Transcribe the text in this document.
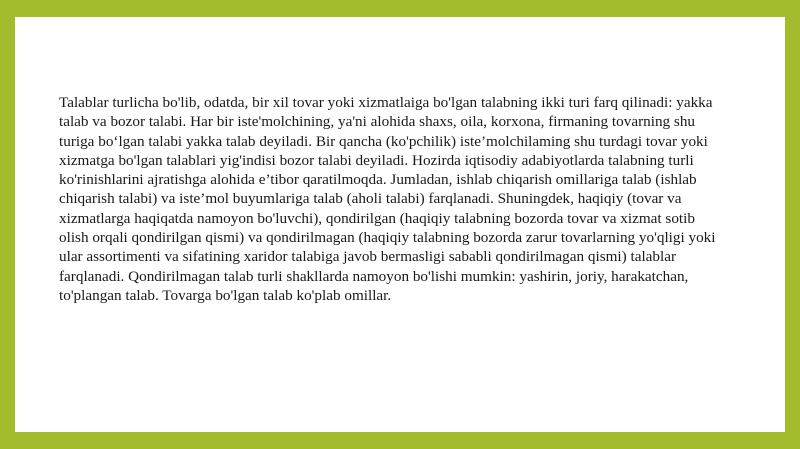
Talablar turlicha bo'lib, odatda, bir xil tovar yoki xizmatlaiga bo'lgan talabning ikki turi farq qilinadi: yakka talab va bozor talabi. Har bir iste'molchining, ya'ni alohida shaxs, oila, korxona, firmaning tovarning shu turiga bo‘lgan talabi yakka talab deyiladi. Bir qancha (ko'pchilik) iste’molchilaming shu turdagi tovar yoki xizmatga bo'lgan talablari yig'indisi bozor talabi deyiladi. Hozirda iqtisodiy adabiyotlarda talabning turli ko'rinishlarini ajratishga alohida e’tibor qaratilmoqda. Jumladan, ishlab chiqarish omillariga talab (ishlab chiqarish talabi) va iste’mol buyumlariga talab (aholi talabi) farqlanadi. Shuningdek, haqiqiy (tovar va xizmatlarga haqiqatda namoyon bo'luvchi), qondirilgan (haqiqiy talabning bozorda tovar va xizmat sotib olish orqali qondirilgan qismi) va qondirilmagan (haqiqiy talabning bozorda zarur tovarlarning yo'qligi yoki ular assortimenti va sifatining xaridor talabiga javob bermasligi sababli qondirilmagan qismi) talablar farqlanadi. Qondirilmagan talab turli shakllarda namoyon bo'lishi mumkin: yashirin, joriy, harakatchan, to'plangan talab. Tovarga bo'lgan talab ko'plab omillar.
